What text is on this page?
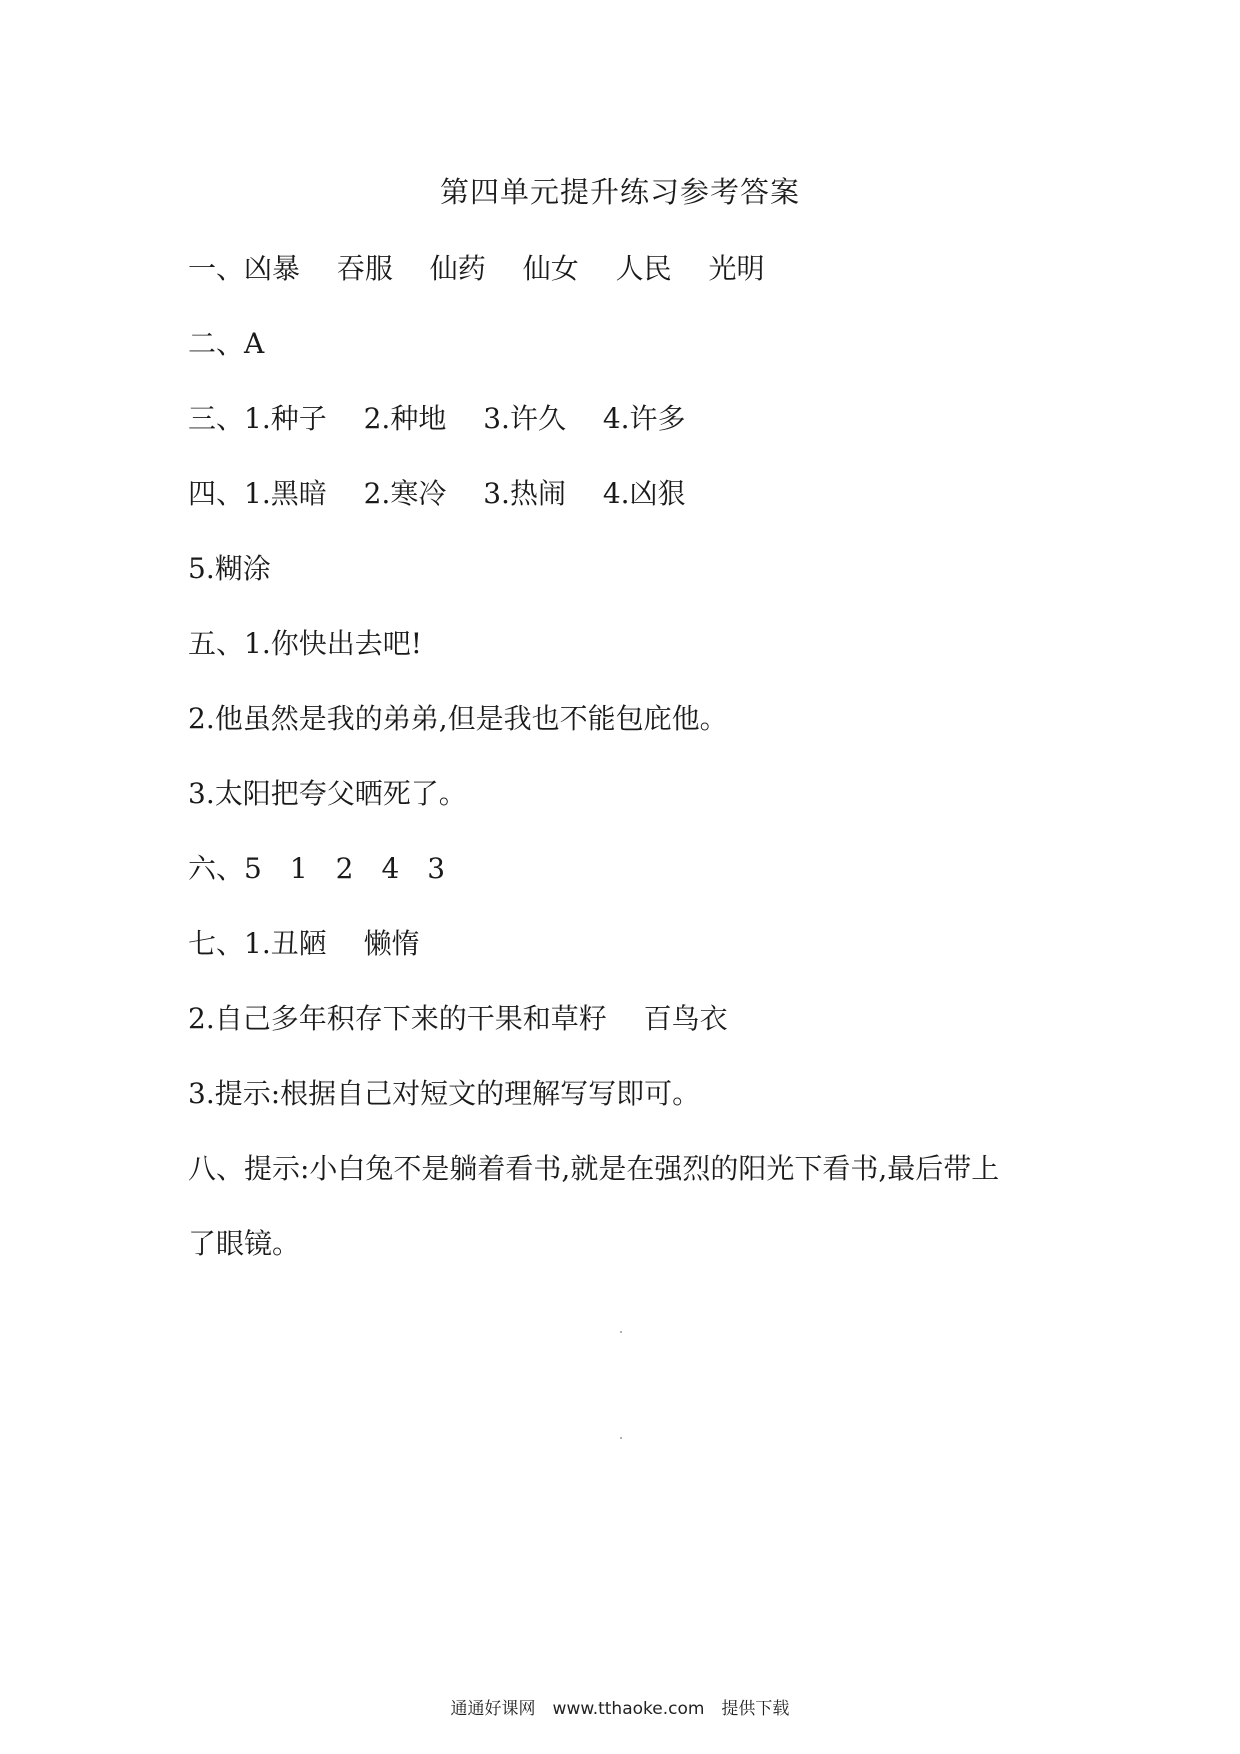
第四单元提升练习参考答案
一、凶暴　 吞服　 仙药　 仙女　 人民　 光明
二、A
三、1.种子　 2.种地　 3.许久　 4.许多
四、1.黑暗　 2.寒冷　 3.热闹　 4.凶狠
5.糊涂
五、1.你快出去吧!
2.他虽然是我的弟弟,但是我也不能包庇他。
3.太阳把夸父晒死了。
六、5　1　2　4　3
七、1.丑陋　 懒惰
2.自己多年积存下来的干果和草籽　 百鸟衣
3.提示:根据自己对短文的理解写写即可。
八、提示:小白兔不是躺着看书,就是在强烈的阳光下看书,最后带上
了眼镜。
通通好课网　www.tthaoke.com　提供下载
